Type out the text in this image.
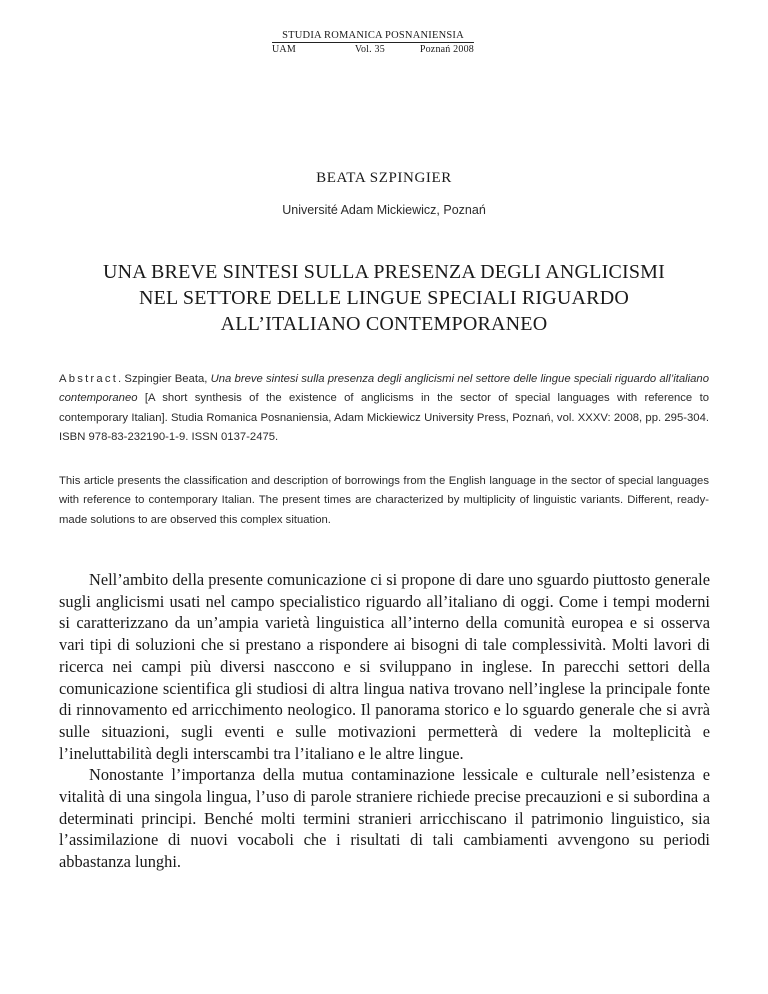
STUDIA ROMANICA POSNANIENSIA
UAM	Vol. 35	Poznań 2008
BEATA SZPINGIER
Université Adam Mickiewicz, Poznań
UNA BREVE SINTESI SULLA PRESENZA DEGLI ANGLICISMI
NEL SETTORE DELLE LINGUE SPECIALI RIGUARDO
ALL’ITALIANO CONTEMPORANEO
Abstract. Szpingier Beata, Una breve sintesi sulla presenza degli anglicismi nel settore delle lingue speciali riguardo all’italiano contemporaneo [A short synthesis of the existence of anglicisms in the sector of special languages with reference to contemporary Italian]. Studia Romanica Posnaniensia, Adam Mickiewicz University Press, Poznań, vol. XXXV: 2008, pp. 295-304. ISBN 978-83-232190-1-9. ISSN 0137-2475.
This article presents the classification and description of borrowings from the English language in the sector of special languages with reference to contemporary Italian. The present times are characterized by multiplicity of linguistic variants. Different, ready-made solutions to are observed this complex situation.

Nell’ambito della presente comunicazione ci si propone di dare uno sguardo piuttosto generale sugli anglicismi usati nel campo specialistico riguardo all’italiano di oggi. Come i tempi moderni si caratterizzano da un’ampia varietà linguistica all’interno della comunità europea e si osserva vari tipi di soluzioni che si prestano a rispondere ai bisogni di tale complessività. Molti lavori di ricerca nei campi più diversi nasccono e si sviluppano in inglese. In parecchi settori della comunicazione scientifica gli studiosi di altra lingua nativa trovano nell’inglese la principale fonte di rinnovamento ed arricchimento neologico. Il panorama storico e lo sguardo generale che si avrà sulle situazioni, sugli eventi e sulle motivazioni permetterà di vedere la molteplicità e l’ineluttabilità degli interscambi tra l’italiano e le altre lingue.

Nonostante l’importanza della mutua contaminazione lessicale e culturale nell’esistenza e vitalità di una singola lingua, l’uso di parole straniere richiede precise precauzioni e si subordina a determinati principi. Benché molti termini stranieri arricchiscano il patrimonio linguistico, sia l’assimilazione di nuovi vocaboli che i risultati di tali cambiamenti avvengono su periodi abbastanza lunghi.
